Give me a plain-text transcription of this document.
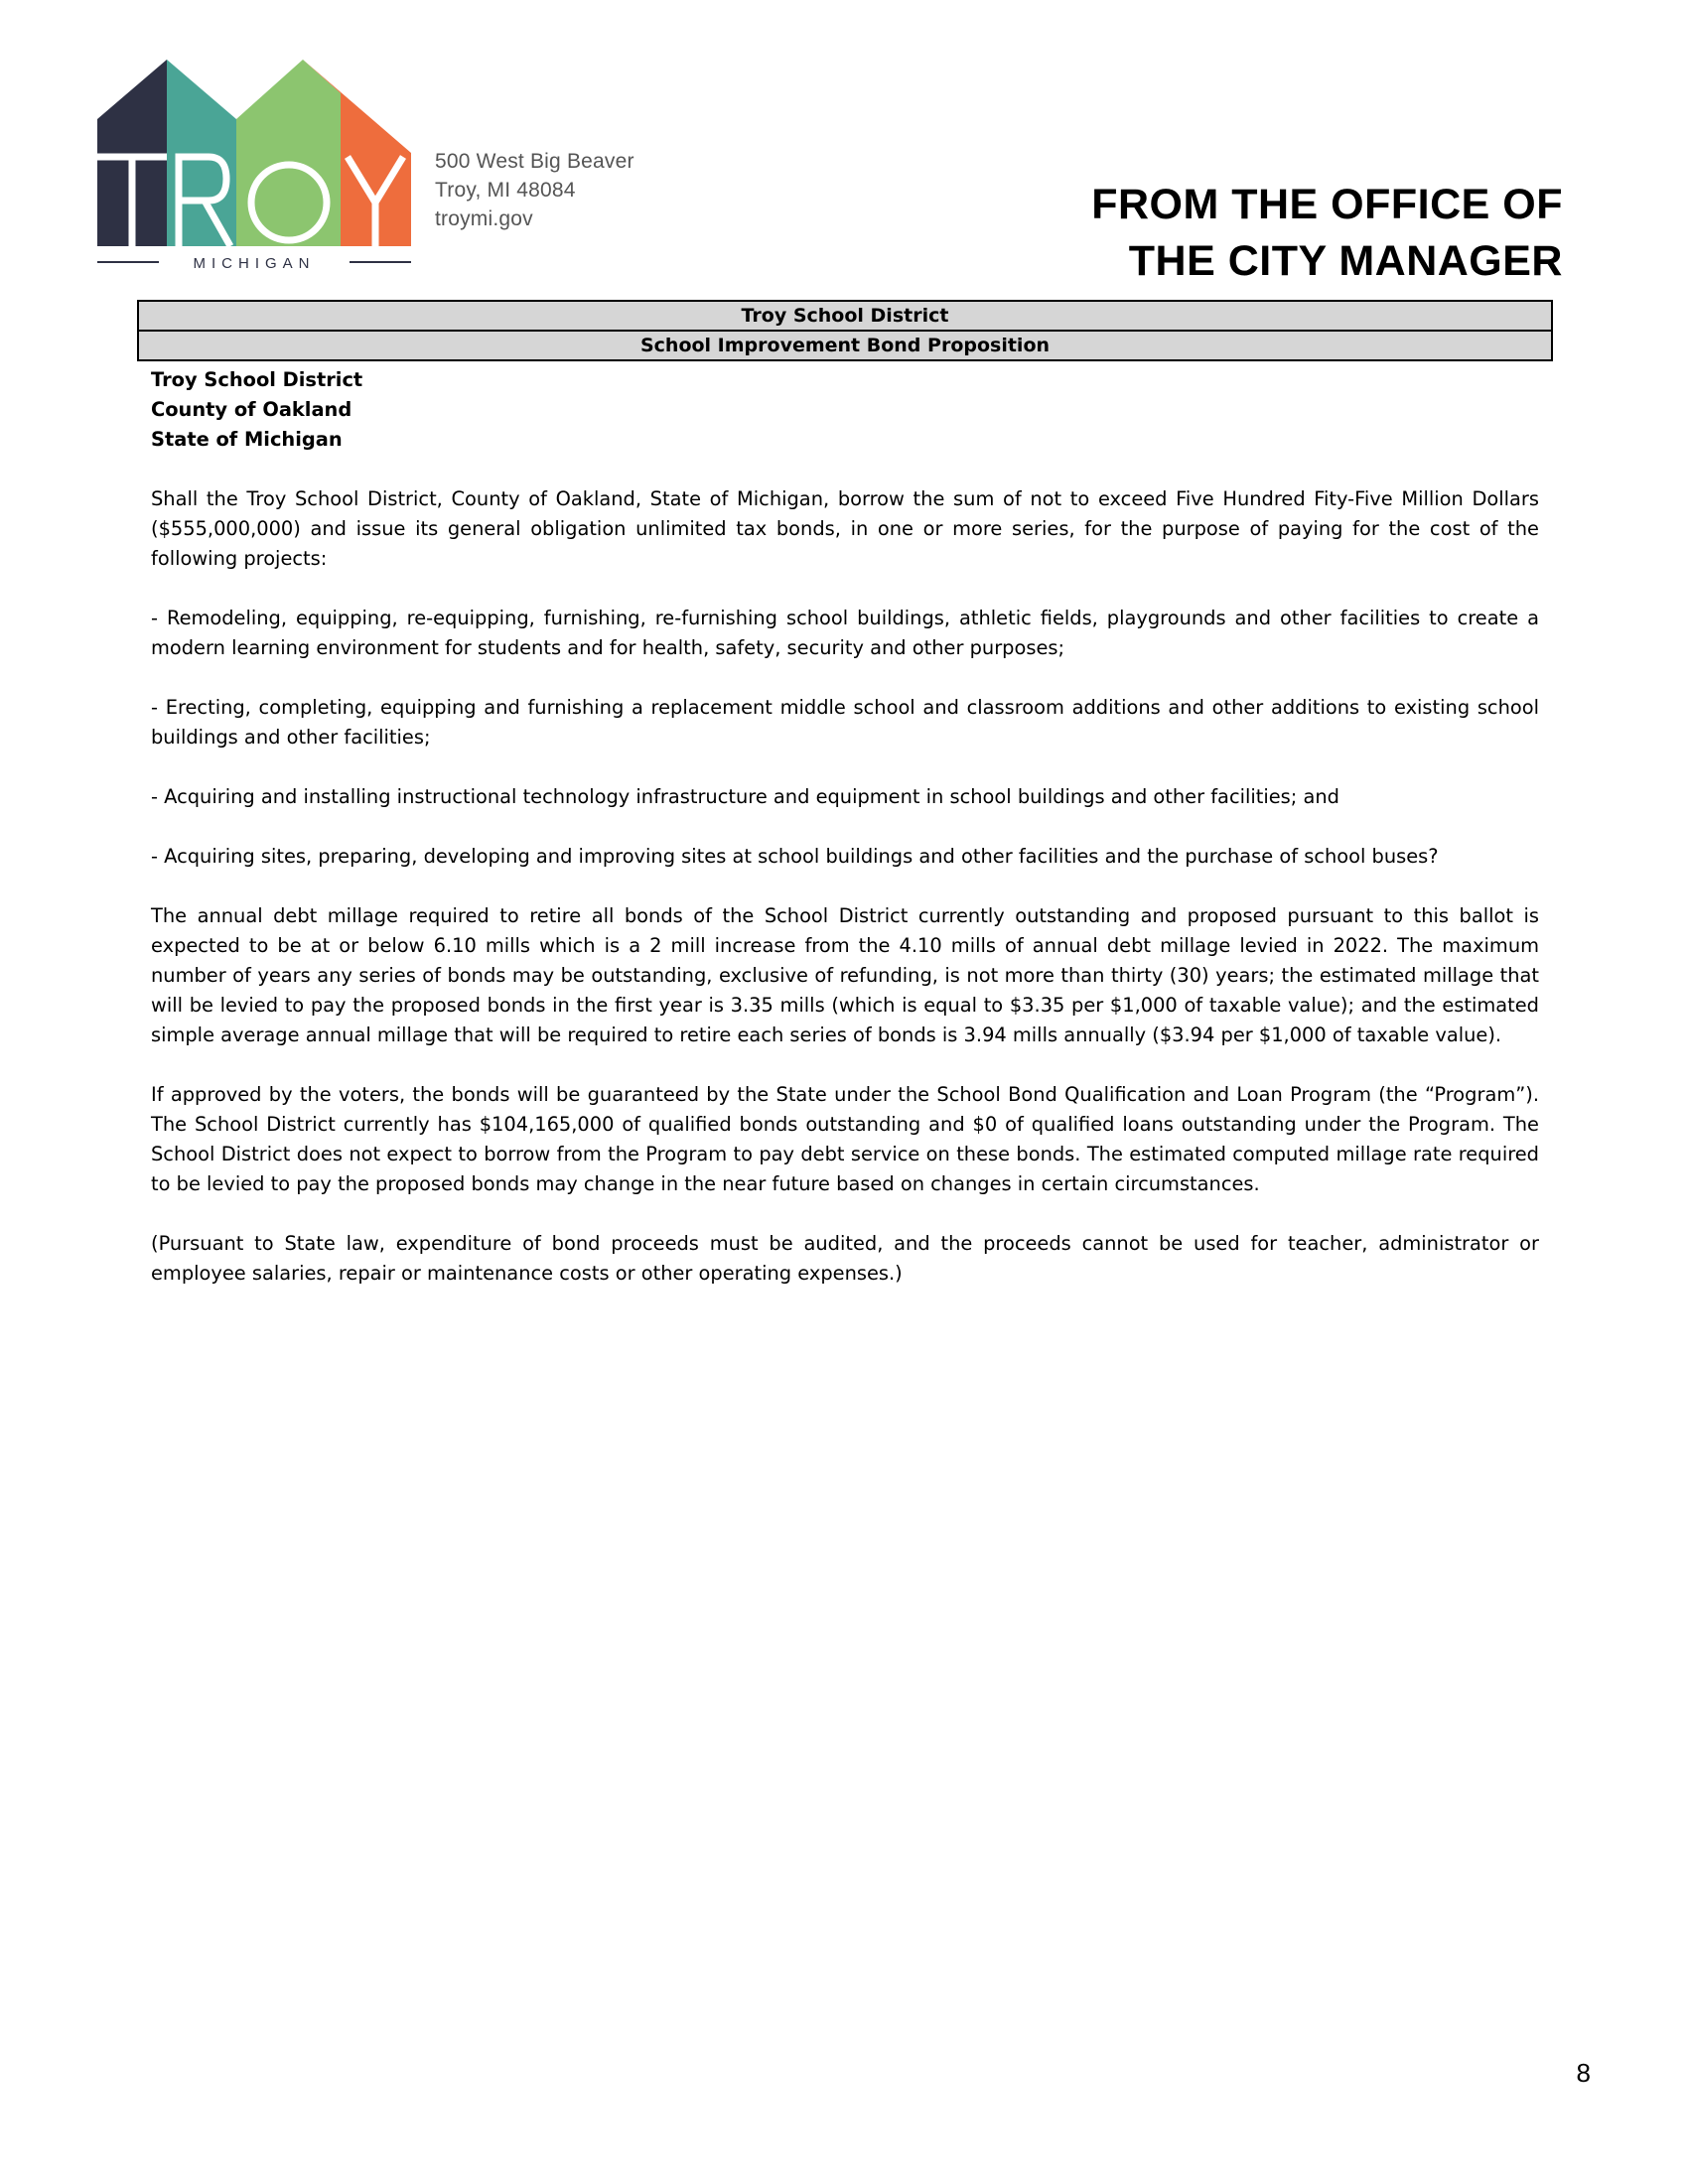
MICHIGAN
500 West Big Beaver
Troy, MI 48084
troymi.gov	FROM THE OFFICE OF
THE CITY MANAGER
Troy School District
School Improvement Bond Proposition
Troy School District
County of Oakland
State of Michigan

Shall the Troy School District, County of Oakland, State of Michigan, borrow the sum of not to exceed Five Hundred Fity-Five Million Dollars ($555,000,000) and issue its general obligation unlimited tax bonds, in one or more series, for the purpose of paying for the cost of the following projects:

- Remodeling, equipping, re-equipping, furnishing, re-furnishing school buildings, athletic fields, playgrounds and other facilities to create a modern learning environment for students and for health, safety, security and other purposes;

- Erecting, completing, equipping and furnishing a replacement middle school and classroom additions and other additions to existing school buildings and other facilities;

- Acquiring and installing instructional technology infrastructure and equipment in school buildings and other facilities; and

- Acquiring sites, preparing, developing and improving sites at school buildings and other facilities and the purchase of school buses?

The annual debt millage required to retire all bonds of the School District currently outstanding and proposed pursuant to this ballot is expected to be at or below 6.10 mills which is a 2 mill increase from the 4.10 mills of annual debt millage levied in 2022. The maximum number of years any series of bonds may be outstanding, exclusive of refunding, is not more than thirty (30) years; the estimated millage that will be levied to pay the proposed bonds in the first year is 3.35 mills (which is equal to $3.35 per $1,000 of taxable value); and the estimated simple average annual millage that will be required to retire each series of bonds is 3.94 mills annually ($3.94 per $1,000 of taxable value).

If approved by the voters, the bonds will be guaranteed by the State under the School Bond Qualification and Loan Program (the “Program”). The School District currently has $104,165,000 of qualified bonds outstanding and $0 of qualified loans outstanding under the Program. The School District does not expect to borrow from the Program to pay debt service on these bonds. The estimated computed millage rate required to be levied to pay the proposed bonds may change in the near future based on changes in certain circumstances.

(Pursuant to State law, expenditure of bond proceeds must be audited, and the proceeds cannot be used for teacher, administrator or employee salaries, repair or maintenance costs or other operating expenses.)

8
